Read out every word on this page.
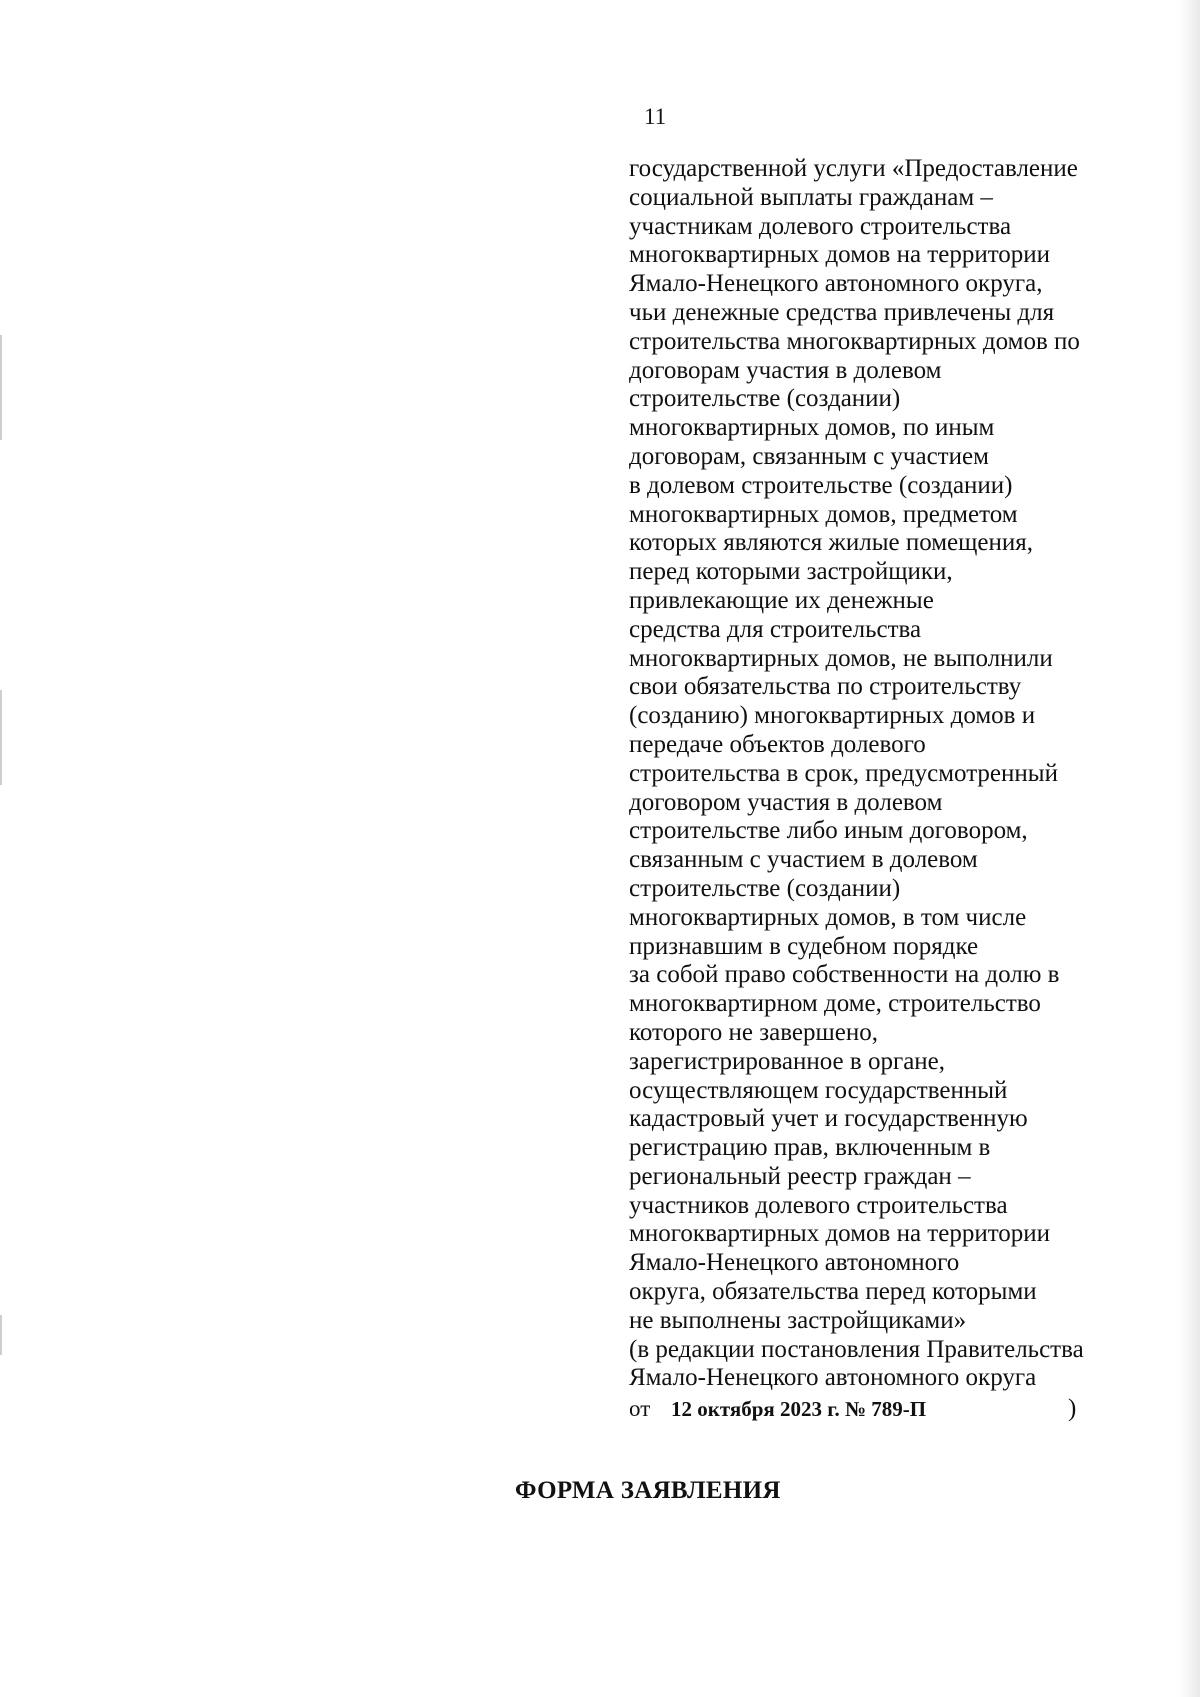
11
государственной услуги «Предоставление
социальной выплаты гражданам –
участникам долевого строительства
многоквартирных домов на территории
Ямало-Ненецкого автономного округа,
чьи денежные средства привлечены для
строительства многоквартирных домов по
договорам участия в долевом
строительстве (создании)
многоквартирных домов, по иным
договорам, связанным с участием
в долевом строительстве (создании)
многоквартирных домов, предметом
которых являются жилые помещения,
перед которыми застройщики,
привлекающие их денежные
средства для строительства
многоквартирных домов, не выполнили
свои обязательства по строительству
(созданию) многоквартирных домов и
передаче объектов долевого
строительства в срок, предусмотренный
договором участия в долевом
строительстве либо иным договором,
связанным с участием в долевом
строительстве (создании)
многоквартирных домов, в том числе
признавшим в судебном порядке
за собой право собственности на долю в
многоквартирном доме, строительство
которого не завершено,
зарегистрированное в органе,
осуществляющем государственный
кадастровый учет и государственную
регистрацию прав, включенным в
региональный реестр граждан –
участников долевого строительства
многоквартирных домов на территории
Ямало-Ненецкого автономного
округа, обязательства перед которыми
не выполнены застройщиками»
(в редакции постановления Правительства
Ямало-Ненецкого автономного округа
от 12 октября 2023 г. № 789-П	)
ФОРМА ЗАЯВЛЕНИЯ
